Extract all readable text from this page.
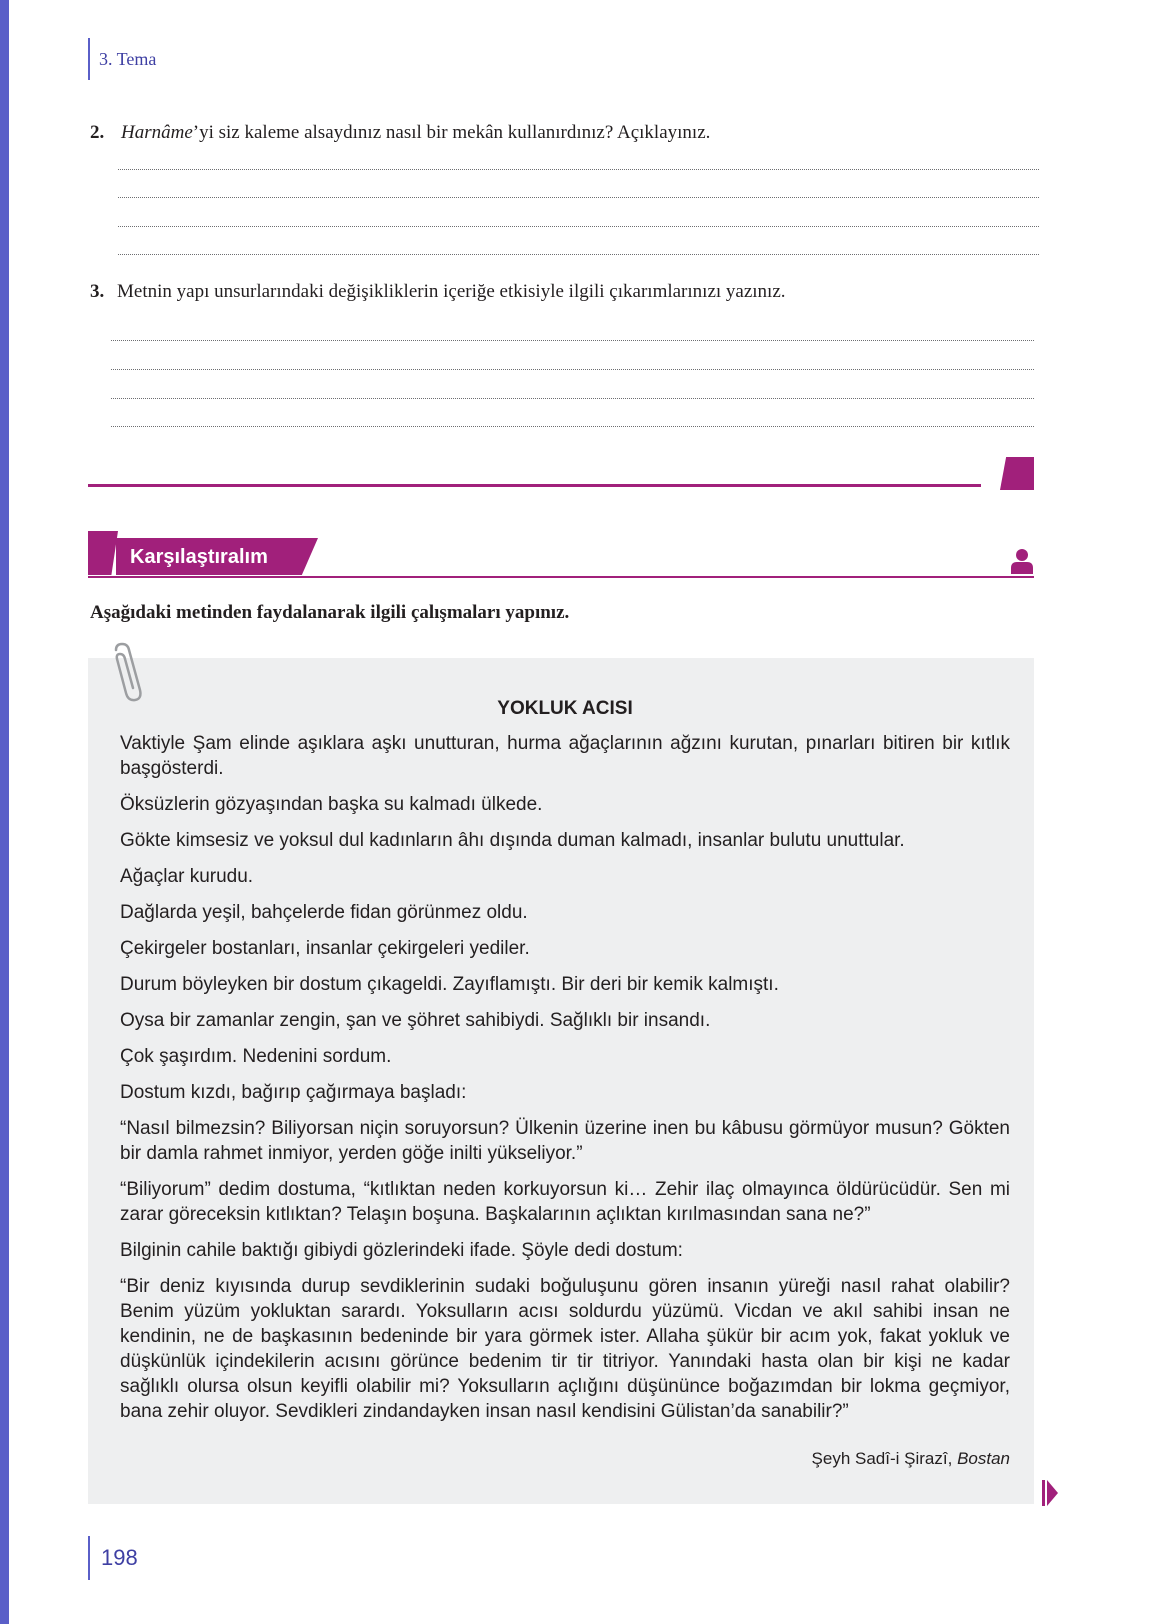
3. Tema
2. Harnâme’yi siz kaleme alsaydınız nasıl bir mekân kullanırdınız? Açıklayınız.
3. Metnin yapı unsurlarındaki değişikliklerin içeriğe etkisiyle ilgili çıkarımlarınızı yazınız.
Karşılaştıralım
Aşağıdaki metinden faydalanarak ilgili çalışmaları yapınız.
YOKLUK ACISI

Vaktiyle Şam elinde aşıklara aşkı unutturan, hurma ağaçlarının ağzını kurutan, pınarları bitiren bir kıtlık başgösterdi.

Öksüzlerin gözyaşından başka su kalmadı ülkede.

Gökte kimsesiz ve yoksul dul kadınların âhı dışında duman kalmadı, insanlar bulutu unuttular.

Ağaçlar kurudu.

Dağlarda yeşil, bahçelerde fidan görünmez oldu.

Çekirgeler bostanları, insanlar çekirgeleri yediler.

Durum böyleyken bir dostum çıkageldi. Zayıflamıştı. Bir deri bir kemik kalmıştı.

Oysa bir zamanlar zengin, şan ve şöhret sahibiydi. Sağlıklı bir insandı.

Çok şaşırdım. Nedenini sordum.

Dostum kızdı, bağırıp çağırmaya başladı:

“Nasıl bilmezsin? Biliyorsan niçin soruyorsun? Ülkenin üzerine inen bu kâbusu görmüyor musun? Gökten bir damla rahmet inmiyor, yerden göğe inilti yükseliyor.”

“Biliyorum” dedim dostuma, “kıtlıktan neden korkuyorsun ki… Zehir ilaç olmayınca öldürücüdür. Sen mi zarar göreceksin kıtlıktan? Telaşın boşuna. Başkalarının açlıktan kırılmasından sana ne?”

Bilginin cahile baktığı gibiydi gözlerindeki ifade. Şöyle dedi dostum:

“Bir deniz kıyısında durup sevdiklerinin sudaki boğuluşunu gören insanın yüreği nasıl rahat olabilir? Benim yüzüm yokluktan sarardı. Yoksulların acısı soldurdu yüzümü. Vicdan ve akıl sahibi insan ne kendinin, ne de başkasının bedeninde bir yara görmek ister. Allaha şükür bir acım yok, fakat yokluk ve düşkünlük içindekilerin acısını görünce bedenim tir tir titriyor. Yanındaki hasta olan bir kişi ne kadar sağlıklı olursa olsun keyifli olabilir mi? Yoksulların açlığını düşününce boğazımdan bir lokma geçmiyor, bana zehir oluyor. Sevdikleri zindandayken insan nasıl kendisini Gülistan’da sanabilir?”

Şeyh Sadî-i Şirazî, Bostan
198
